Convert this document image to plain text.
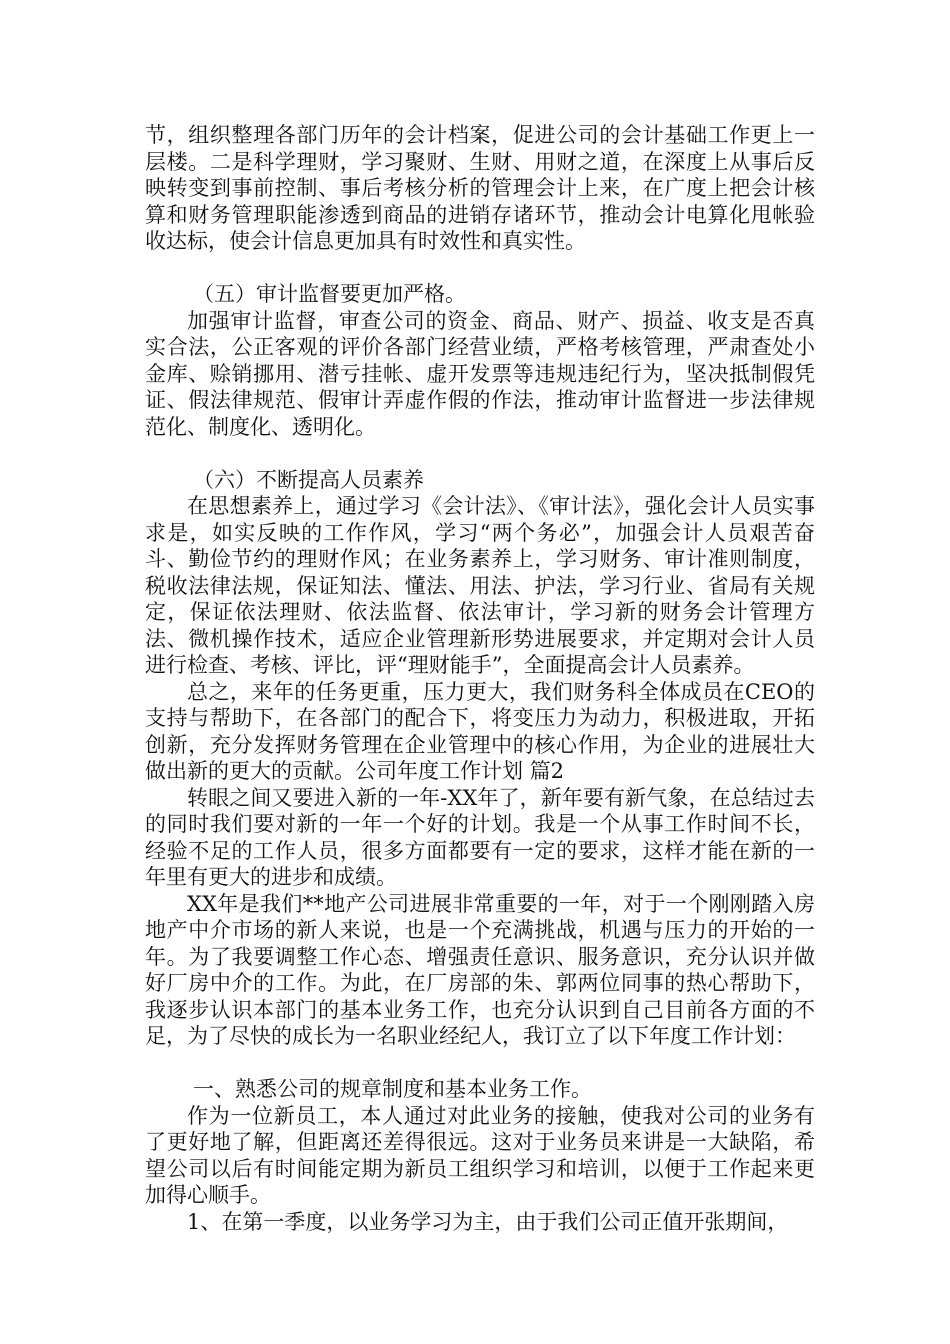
节，组织整理各部门历年的会计档案，促进公司的会计基础工作更上一层楼。二是科学理财，学习聚财、生财、用财之道，在深度上从事后反映转变到事前控制、事后考核分析的管理会计上来，在广度上把会计核算和财务管理职能渗透到商品的进销存诸环节，推动会计电算化甩帐验收达标，使会计信息更加具有时效性和真实性。

（五）审计监督要更加严格。

加强审计监督，审查公司的资金、商品、财产、损益、收支是否真实合法，公正客观的评价各部门经营业绩，严格考核管理，严肃查处小金库、赊销挪用、潜亏挂帐、虚开发票等违规违纪行为，坚决抵制假凭证、假法律规范、假审计弄虚作假的作法，推动审计监督进一步法律规范化、制度化、透明化。

（六）不断提高人员素养

在思想素养上，通过学习《会计法》、《审计法》，强化会计人员实事求是，如实反映的工作作风，学习“两个务必”，加强会计人员艰苦奋斗、勤俭节约的理财作风；在业务素养上，学习财务、审计准则制度，税收法律法规，保证知法、懂法、用法、护法，学习行业、省局有关规定，保证依法理财、依法监督、依法审计，学习新的财务会计管理方法、微机操作技术，适应企业管理新形势进展要求，并定期对会计人员进行检查、考核、评比，评“理财能手”，全面提高会计人员素养。

总之，来年的任务更重，压力更大，我们财务科全体成员在CEO的支持与帮助下，在各部门的配合下，将变压力为动力，积极进取，开拓创新，充分发挥财务管理在企业管理中的核心作用，为企业的进展壮大做出新的更大的贡献。公司年度工作计划 篇2

转眼之间又要进入新的一年-XX年了，新年要有新气象，在总结过去的同时我们要对新的一年一个好的计划。我是一个从事工作时间不长，经验不足的工作人员，很多方面都要有一定的要求，这样才能在新的一年里有更大的进步和成绩。

XX年是我们**地产公司进展非常重要的一年，对于一个刚刚踏入房地产中介市场的新人来说，也是一个充满挑战，机遇与压力的开始的一年。为了我要调整工作心态、增强责任意识、服务意识，充分认识并做好厂房中介的工作。为此，在厂房部的朱、郭两位同事的热心帮助下，我逐步认识本部门的基本业务工作，也充分认识到自己目前各方面的不足，为了尽快的成长为一名职业经纪人，我订立了以下年度工作计划：

一、熟悉公司的规章制度和基本业务工作。

作为一位新员工，本人通过对此业务的接触，使我对公司的业务有了更好地了解，但距离还差得很远。这对于业务员来讲是一大缺陷，希望公司以后有时间能定期为新员工组织学习和培训，以便于工作起来更加得心顺手。

1、在第一季度，以业务学习为主，由于我们公司正值开张期间，
